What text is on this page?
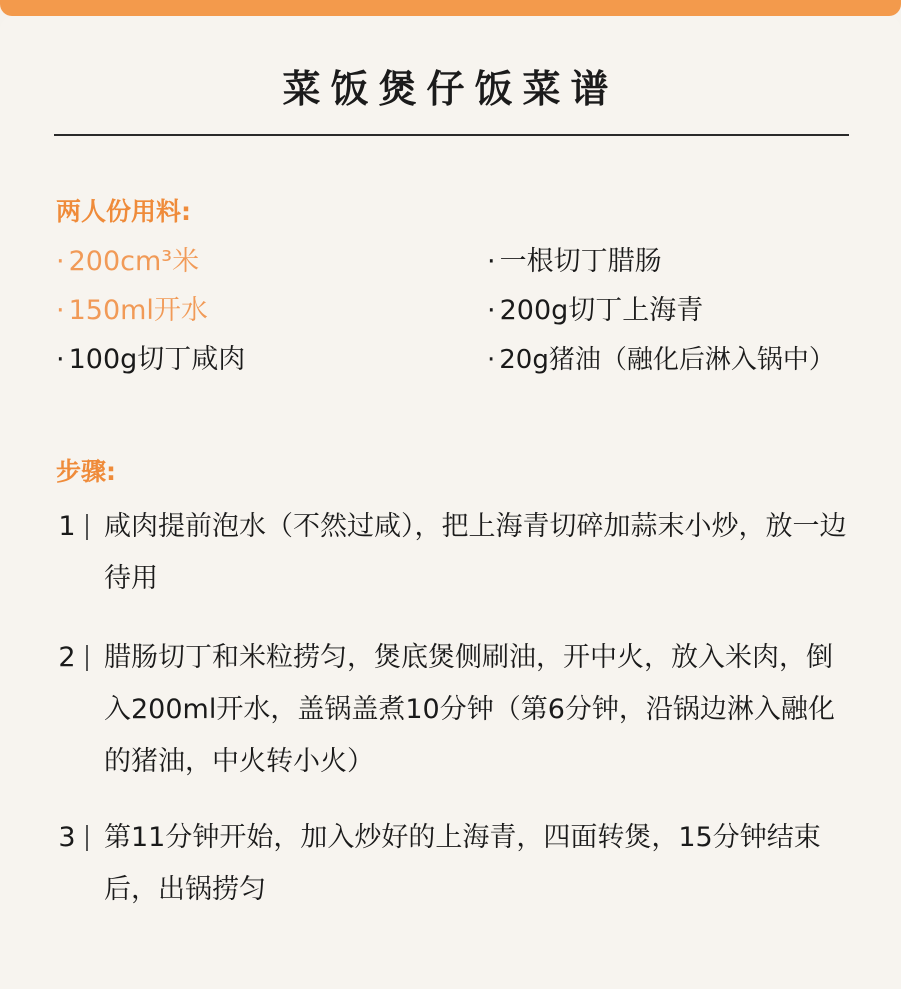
菜饭煲仔饭菜谱
两人份用料:
· 200cm³米
· 150ml开水
· 100g切丁咸肉
· 一根切丁腊肠
· 200g切丁上海青
· 20g猪油（融化后淋入锅中）
步骤:
1 咸肉提前泡水（不然过咸），把上海青切碎加蒜末小炒，放一边待用
2 腊肠切丁和米粒捞匀，煲底煲侧刷油，开中火，放入米肉，倒入200ml开水，盖锅盖煮10分钟（第6分钟，沿锅边淋入融化的猪油，中火转小火）
3 第11分钟开始，加入炒好的上海青，四面转煲，15分钟结束后，出锅捞匀
